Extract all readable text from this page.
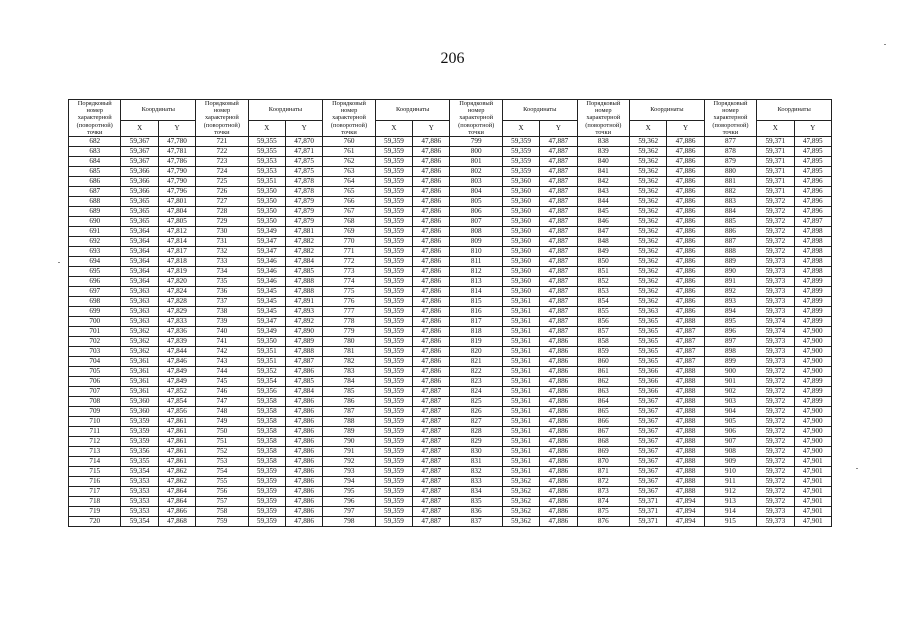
206
Порядковый номер характерной (поворотной) точки	Координаты		Порядковый номер характерной (поворотной) точки	Координаты		Порядковый номер характерной (поворотной) точки	Координаты		Порядковый номер характерной (поворотной) точки	Координаты		Порядковый номер характерной (поворотной) точки	Координаты		Порядковый номер характерной (поворотной) точки	Координаты	
	X	Y		X	Y		X	Y		X	Y		X	Y		X	Y
682	59,367	47,780	721	59,355	47,870	760	59,359	47,886	799	59,359	47,887	838	59,362	47,886	877	59,371	47,895
683	59,367	47,781	722	59,355	47,871	761	59,359	47,886	800	59,359	47,887	839	59,362	47,886	878	59,371	47,895
684	59,367	47,786	723	59,353	47,875	762	59,359	47,886	801	59,359	47,887	840	59,362	47,886	879	59,371	47,895
685	59,366	47,790	724	59,353	47,875	763	59,359	47,886	802	59,359	47,887	841	59,362	47,886	880	59,371	47,895
686	59,366	47,790	725	59,351	47,878	764	59,359	47,886	803	59,360	47,887	842	59,362	47,886	881	59,371	47,896
687	59,366	47,796	726	59,350	47,878	765	59,359	47,886	804	59,360	47,887	843	59,362	47,886	882	59,371	47,896
688	59,365	47,801	727	59,350	47,879	766	59,359	47,886	805	59,360	47,887	844	59,362	47,886	883	59,372	47,896
689	59,365	47,804	728	59,350	47,879	767	59,359	47,886	806	59,360	47,887	845	59,362	47,886	884	59,372	47,896
690	59,365	47,805	729	59,350	47,879	768	59,359	47,886	807	59,360	47,887	846	59,362	47,886	885	59,372	47,897
691	59,364	47,812	730	59,349	47,881	769	59,359	47,886	808	59,360	47,887	847	59,362	47,886	886	59,372	47,898
692	59,364	47,814	731	59,347	47,882	770	59,359	47,886	809	59,360	47,887	848	59,362	47,886	887	59,372	47,898
693	59,364	47,817	732	59,347	47,882	771	59,359	47,886	810	59,360	47,887	849	59,362	47,886	888	59,372	47,898
694	59,364	47,818	733	59,346	47,884	772	59,359	47,886	811	59,360	47,887	850	59,362	47,886	889	59,373	47,898
695	59,364	47,819	734	59,346	47,885	773	59,359	47,886	812	59,360	47,887	851	59,362	47,886	890	59,373	47,898
696	59,364	47,820	735	59,346	47,888	774	59,359	47,886	813	59,360	47,887	852	59,362	47,886	891	59,373	47,899
697	59,363	47,824	736	59,345	47,888	775	59,359	47,886	814	59,360	47,887	853	59,362	47,886	892	59,373	47,899
698	59,363	47,828	737	59,345	47,891	776	59,359	47,886	815	59,361	47,887	854	59,362	47,886	893	59,373	47,899
699	59,363	47,829	738	59,345	47,893	777	59,359	47,886	816	59,361	47,887	855	59,363	47,886	894	59,373	47,899
700	59,363	47,833	739	59,347	47,892	778	59,359	47,886	817	59,361	47,887	856	59,365	47,888	895	59,374	47,899
701	59,362	47,836	740	59,349	47,890	779	59,359	47,886	818	59,361	47,887	857	59,365	47,887	896	59,374	47,900
702	59,362	47,839	741	59,350	47,889	780	59,359	47,886	819	59,361	47,886	858	59,365	47,887	897	59,373	47,900
703	59,362	47,844	742	59,351	47,888	781	59,359	47,886	820	59,361	47,886	859	59,365	47,887	898	59,373	47,900
704	59,361	47,846	743	59,351	47,887	782	59,359	47,886	821	59,361	47,886	860	59,365	47,887	899	59,373	47,900
705	59,361	47,849	744	59,352	47,886	783	59,359	47,886	822	59,361	47,886	861	59,366	47,888	900	59,372	47,900
706	59,361	47,849	745	59,354	47,885	784	59,359	47,886	823	59,361	47,886	862	59,366	47,888	901	59,372	47,899
707	59,361	47,852	746	59,356	47,884	785	59,359	47,887	824	59,361	47,886	863	59,366	47,888	902	59,372	47,899
708	59,360	47,854	747	59,358	47,886	786	59,359	47,887	825	59,361	47,886	864	59,367	47,888	903	59,372	47,899
709	59,360	47,856	748	59,358	47,886	787	59,359	47,887	826	59,361	47,886	865	59,367	47,888	904	59,372	47,900
710	59,359	47,861	749	59,358	47,886	788	59,359	47,887	827	59,361	47,886	866	59,367	47,888	905	59,372	47,900
711	59,359	47,861	750	59,358	47,886	789	59,359	47,887	828	59,361	47,886	867	59,367	47,888	906	59,372	47,900
712	59,359	47,861	751	59,358	47,886	790	59,359	47,887	829	59,361	47,886	868	59,367	47,888	907	59,372	47,900
713	59,356	47,861	752	59,358	47,886	791	59,359	47,887	830	59,361	47,886	869	59,367	47,888	908	59,372	47,900
714	59,355	47,861	753	59,358	47,886	792	59,359	47,887	831	59,361	47,886	870	59,367	47,888	909	59,372	47,901
715	59,354	47,862	754	59,359	47,886	793	59,359	47,887	832	59,361	47,886	871	59,367	47,888	910	59,372	47,901
716	59,353	47,862	755	59,359	47,886	794	59,359	47,887	833	59,362	47,886	872	59,367	47,888	911	59,372	47,901
717	59,353	47,864	756	59,359	47,886	795	59,359	47,887	834	59,362	47,886	873	59,367	47,888	912	59,372	47,901
718	59,353	47,864	757	59,359	47,886	796	59,359	47,887	835	59,362	47,886	874	59,371	47,894	913	59,372	47,901
719	59,353	47,866	758	59,359	47,886	797	59,359	47,887	836	59,362	47,886	875	59,371	47,894	914	59,373	47,901
720	59,354	47,868	759	59,359	47,886	798	59,359	47,887	837	59,362	47,886	876	59,371	47,894	915	59,373	47,901
